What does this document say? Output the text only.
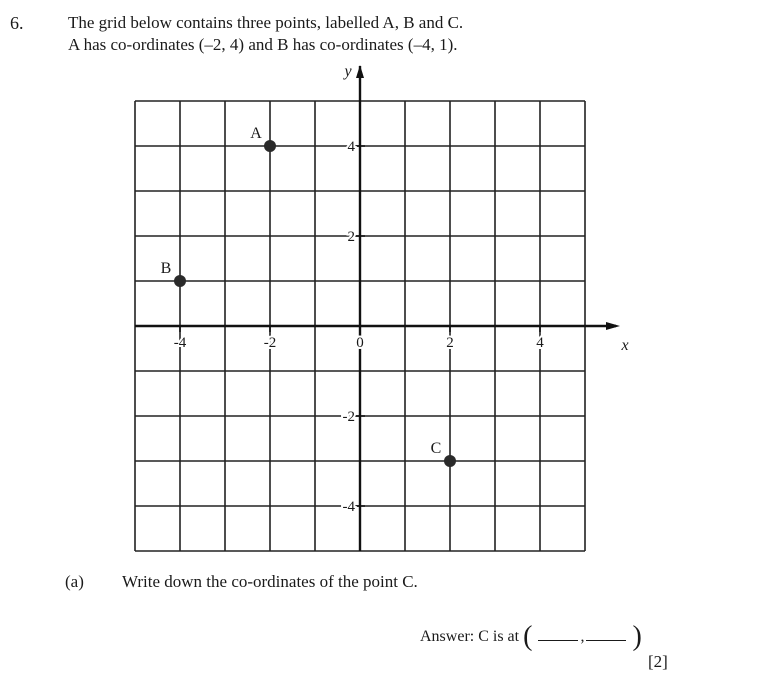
6.	The grid below contains three points, labelled A, B and C.
A has co-ordinates (–2, 4) and B has co-ordinates (–4, 1).
y
x
-4	-2	0	2	4
4
2
-2
-4
A
B
C
(a) Write down the co-ordinates of the point C.
Answer: C is at (	, )
[2]
